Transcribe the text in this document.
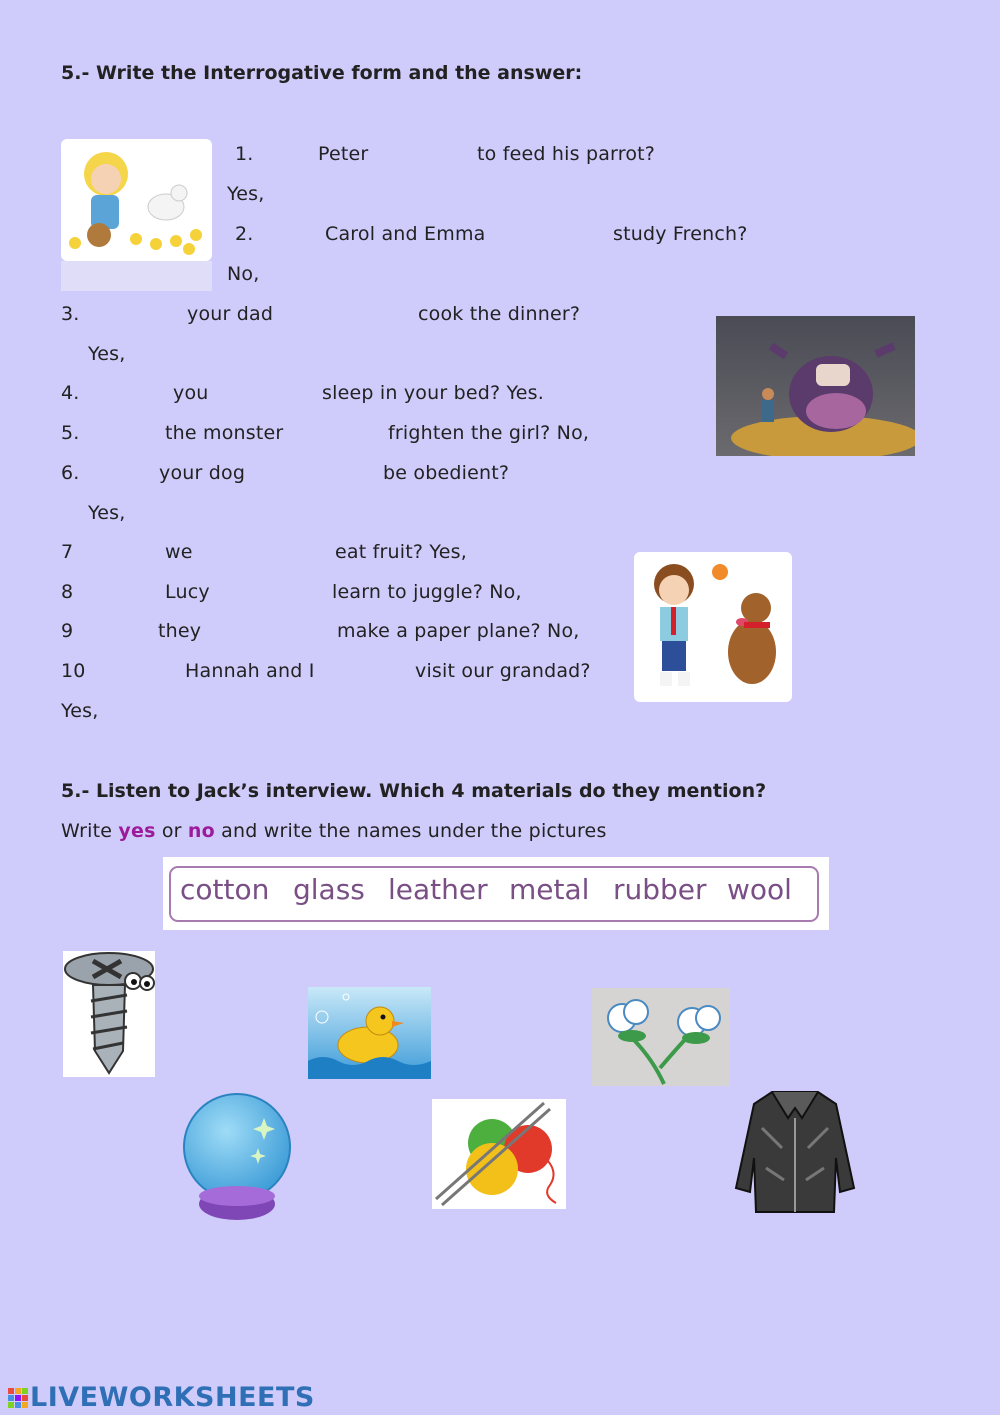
5.- Write the Interrogative form and the answer:
1.	Peter	to feed his parrot?
Yes,
2.	Carol and Emma	study French?
No,
3.	your dad	cook the dinner?
Yes,
4.	you	sleep in your bed? Yes.
5.	the monster	frighten the girl? No,
6.	your dog	be obedient?
Yes,
7	we	eat fruit? Yes,
8	Lucy	learn to juggle? No,
9	they	make a paper plane? No,
10	Hannah and I	visit our grandad?
Yes,
5.- Listen to Jack’s interview. Which 4 materials do they mention?
Write yes or no and write the names under the pictures
cotton glass leather metal rubber wool
LIVEWORKSHEETS
